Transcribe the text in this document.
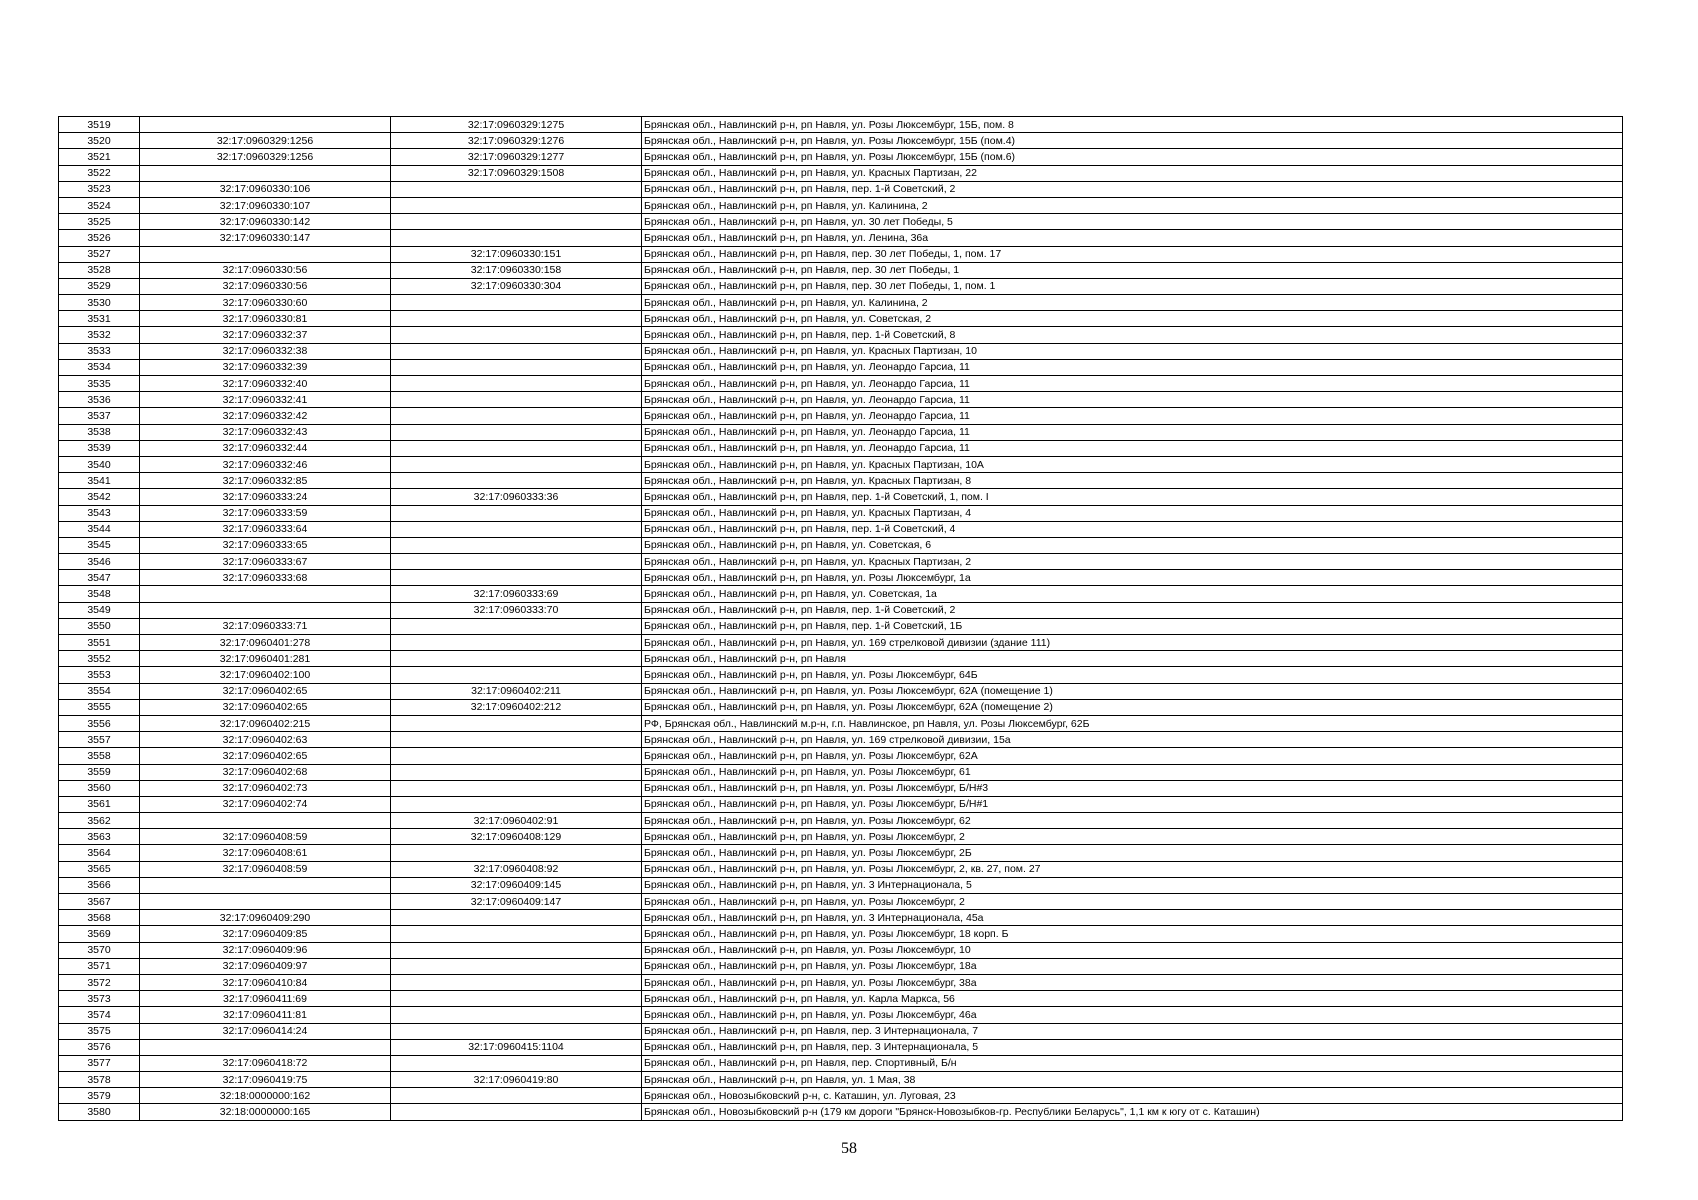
3519		32:17:0960329:1275	Брянская обл., Навлинский р-н, рп Навля, ул. Розы Люксембург, 15Б, пом. 8
3520	32:17:0960329:1256	32:17:0960329:1276	Брянская обл., Навлинский р-н, рп Навля, ул. Розы Люксембург, 15Б (пом.4)
3521	32:17:0960329:1256	32:17:0960329:1277	Брянская обл., Навлинский р-н, рп Навля, ул. Розы Люксембург, 15Б (пом.6)
3522		32:17:0960329:1508	Брянская обл., Навлинский р-н, рп Навля, ул. Красных Партизан, 22
3523	32:17:0960330:106		Брянская обл., Навлинский р-н, рп Навля, пер. 1-й Советский, 2
3524	32:17:0960330:107		Брянская обл., Навлинский р-н, рп Навля, ул. Калинина, 2
3525	32:17:0960330:142		Брянская обл., Навлинский р-н, рп Навля, ул. 30 лет Победы, 5
3526	32:17:0960330:147		Брянская обл., Навлинский р-н, рп Навля, ул. Ленина, 36а
3527		32:17:0960330:151	Брянская обл., Навлинский р-н, рп Навля, пер. 30 лет Победы, 1, пом. 17
3528	32:17:0960330:56	32:17:0960330:158	Брянская обл., Навлинский р-н, рп Навля, пер. 30 лет Победы, 1
3529	32:17:0960330:56	32:17:0960330:304	Брянская обл., Навлинский р-н, рп Навля, пер. 30 лет Победы, 1, пом. 1
3530	32:17:0960330:60		Брянская обл., Навлинский р-н, рп Навля, ул. Калинина, 2
3531	32:17:0960330:81		Брянская обл., Навлинский р-н, рп Навля, ул. Советская, 2
3532	32:17:0960332:37		Брянская обл., Навлинский р-н, рп Навля, пер. 1-й Советский, 8
3533	32:17:0960332:38		Брянская обл., Навлинский р-н, рп Навля, ул. Красных Партизан, 10
3534	32:17:0960332:39		Брянская обл., Навлинский р-н, рп Навля, ул. Леонардо Гарсиа, 11
3535	32:17:0960332:40		Брянская обл., Навлинский р-н, рп Навля, ул. Леонардо Гарсиа, 11
3536	32:17:0960332:41		Брянская обл., Навлинский р-н, рп Навля, ул. Леонардо Гарсиа, 11
3537	32:17:0960332:42		Брянская обл., Навлинский р-н, рп Навля, ул. Леонардо Гарсиа, 11
3538	32:17:0960332:43		Брянская обл., Навлинский р-н, рп Навля, ул. Леонардо Гарсиа, 11
3539	32:17:0960332:44		Брянская обл., Навлинский р-н, рп Навля, ул. Леонардо Гарсиа, 11
3540	32:17:0960332:46		Брянская обл., Навлинский р-н, рп Навля, ул. Красных Партизан, 10А
3541	32:17:0960332:85		Брянская обл., Навлинский р-н, рп Навля, ул. Красных Партизан, 8
3542	32:17:0960333:24	32:17:0960333:36	Брянская обл., Навлинский р-н, рп Навля, пер. 1-й Советский, 1, пом. I
3543	32:17:0960333:59		Брянская обл., Навлинский р-н, рп Навля, ул. Красных Партизан, 4
3544	32:17:0960333:64		Брянская обл., Навлинский р-н, рп Навля, пер. 1-й Советский, 4
3545	32:17:0960333:65		Брянская обл., Навлинский р-н, рп Навля, ул. Советская, 6
3546	32:17:0960333:67		Брянская обл., Навлинский р-н, рп Навля, ул. Красных Партизан, 2
3547	32:17:0960333:68		Брянская обл., Навлинский р-н, рп Навля, ул. Розы Люксембург, 1а
3548		32:17:0960333:69	Брянская обл., Навлинский р-н, рп Навля, ул. Советская, 1а
3549		32:17:0960333:70	Брянская обл., Навлинский р-н, рп Навля, пер. 1-й Советский, 2
3550	32:17:0960333:71		Брянская обл., Навлинский р-н, рп Навля, пер. 1-й Советский, 1Б
3551	32:17:0960401:278		Брянская обл., Навлинский р-н, рп Навля, ул. 169 стрелковой дивизии (здание 111)
3552	32:17:0960401:281		Брянская обл., Навлинский р-н, рп Навля
3553	32:17:0960402:100		Брянская обл., Навлинский р-н, рп Навля, ул. Розы Люксембург, 64Б
3554	32:17:0960402:65	32:17:0960402:211	Брянская обл., Навлинский р-н, рп Навля, ул. Розы Люксембург, 62А (помещение 1)
3555	32:17:0960402:65	32:17:0960402:212	Брянская обл., Навлинский р-н, рп Навля, ул. Розы Люксембург, 62А (помещение 2)
3556	32:17:0960402:215		РФ, Брянская обл., Навлинский м.р-н, г.п. Навлинское, рп Навля, ул. Розы Люксембург, 62Б
3557	32:17:0960402:63		Брянская обл., Навлинский р-н, рп Навля, ул. 169 стрелковой дивизии, 15а
3558	32:17:0960402:65		Брянская обл., Навлинский р-н, рп Навля, ул. Розы Люксембург, 62А
3559	32:17:0960402:68		Брянская обл., Навлинский р-н, рп Навля, ул. Розы Люксембург, 61
3560	32:17:0960402:73		Брянская обл., Навлинский р-н, рп Навля, ул. Розы Люксембург, Б/Н#3
3561	32:17:0960402:74		Брянская обл., Навлинский р-н, рп Навля, ул. Розы Люксембург, Б/Н#1
3562		32:17:0960402:91	Брянская обл., Навлинский р-н, рп Навля, ул. Розы Люксембург, 62
3563	32:17:0960408:59	32:17:0960408:129	Брянская обл., Навлинский р-н, рп Навля, ул. Розы Люксембург, 2
3564	32:17:0960408:61		Брянская обл., Навлинский р-н, рп Навля, ул. Розы Люксембург, 2Б
3565	32:17:0960408:59	32:17:0960408:92	Брянская обл., Навлинский р-н, рп Навля, ул. Розы Люксембург, 2, кв. 27, пом. 27
3566		32:17:0960409:145	Брянская обл., Навлинский р-н, рп Навля, ул. 3 Интернационала, 5
3567		32:17:0960409:147	Брянская обл., Навлинский р-н, рп Навля, ул. Розы Люксембург, 2
3568	32:17:0960409:290		Брянская обл., Навлинский р-н, рп Навля, ул. 3 Интернационала, 45а
3569	32:17:0960409:85		Брянская обл., Навлинский р-н, рп Навля, ул. Розы Люксембург, 18 корп. Б
3570	32:17:0960409:96		Брянская обл., Навлинский р-н, рп Навля, ул. Розы Люксембург, 10
3571	32:17:0960409:97		Брянская обл., Навлинский р-н, рп Навля, ул. Розы Люксембург, 18а
3572	32:17:0960410:84		Брянская обл., Навлинский р-н, рп Навля, ул. Розы Люксембург, 38а
3573	32:17:0960411:69		Брянская обл., Навлинский р-н, рп Навля, ул. Карла Маркса, 56
3574	32:17:0960411:81		Брянская обл., Навлинский р-н, рп Навля, ул. Розы Люксембург, 46а
3575	32:17:0960414:24		Брянская обл., Навлинский р-н, рп Навля, пер. 3 Интернационала, 7
3576		32:17:0960415:1104	Брянская обл., Навлинский р-н, рп Навля, пер. 3 Интернационала, 5
3577	32:17:0960418:72		Брянская обл., Навлинский р-н, рп Навля, пер. Спортивный, Б/н
3578	32:17:0960419:75	32:17:0960419:80	Брянская обл., Навлинский р-н, рп Навля, ул. 1 Мая, 38
3579	32:18:0000000:162		Брянская обл., Новозыбковский р-н, с. Каташин, ул. Луговая, 23
3580	32:18:0000000:165		Брянская обл., Новозыбковский р-н (179 км дороги "Брянск-Новозыбков-гр. Республики Беларусь", 1,1 км к югу от с. Каташин)
58
